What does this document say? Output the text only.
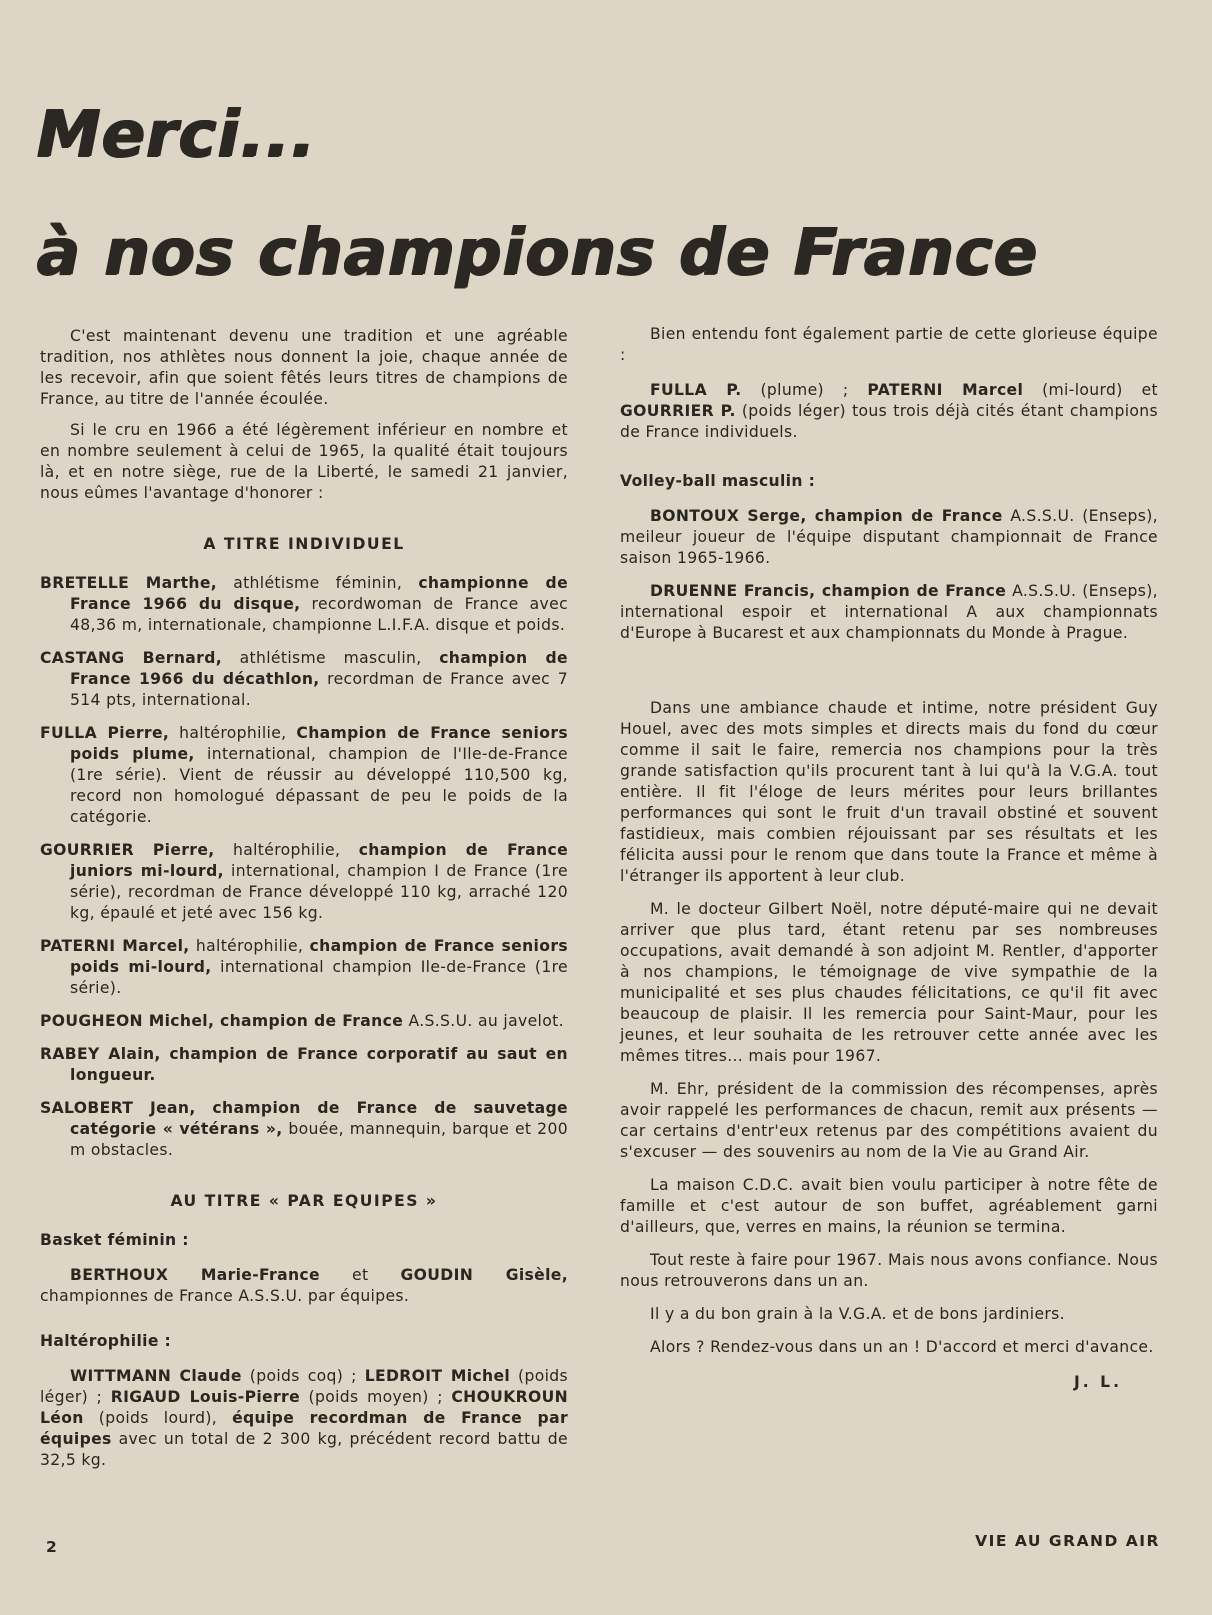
Merci...
à nos champions de France

C'est maintenant devenu une tradition et une agréable tradition, nos athlètes nous donnent la joie, chaque année de les recevoir, afin que soient fêtés leurs titres de champions de France, au titre de l'année écoulée.

Si le cru en 1966 a été légèrement inférieur en nombre et en nombre seulement à celui de 1965, la qualité était toujours là, et en notre siège, rue de la Liberté, le samedi 21 janvier, nous eûmes l'avantage d'honorer :

A TITRE INDIVIDUEL

BRETELLE Marthe, athlétisme féminin, championne de France 1966 du disque, recordwoman de France avec 48,36 m, internationale, championne L.I.F.A. disque et poids.

CASTANG Bernard, athlétisme masculin, champion de France 1966 du décathlon, recordman de France avec 7 514 pts, international.

FULLA Pierre, haltérophilie, Champion de France seniors poids plume, international, champion de l'Ile-de-France (1re série). Vient de réussir au développé 110,500 kg, record non homologué dépassant de peu le poids de la catégorie.

GOURRIER Pierre, haltérophilie, champion de France juniors mi-lourd, international, champion I de France (1re série), recordman de France développé 110 kg, arraché 120 kg, épaulé et jeté avec 156 kg.

PATERNI Marcel, haltérophilie, champion de France seniors poids mi-lourd, international champion Ile-de-France (1re série).

POUGHEON Michel, champion de France A.S.S.U. au javelot.

RABEY Alain, champion de France corporatif au saut en longueur.

SALOBERT Jean, champion de France de sauvetage catégorie « vétérans », bouée, mannequin, barque et 200 m obstacles.

AU TITRE « PAR EQUIPES »

Basket féminin :

BERTHOUX Marie-France et GOUDIN Gisèle, championnes de France A.S.S.U. par équipes.

Haltérophilie :

WITTMANN Claude (poids coq) ; LEDROIT Michel (poids léger) ; RIGAUD Louis-Pierre (poids moyen) ; CHOUKROUN Léon (poids lourd), équipe recordman de France par équipes avec un total de 2 300 kg, précédent record battu de 32,5 kg.

Bien entendu font également partie de cette glorieuse équipe :

FULLA P. (plume) ; PATERNI Marcel (mi-lourd) et GOURRIER P. (poids léger) tous trois déjà cités étant champions de France individuels.

Volley-ball masculin :

BONTOUX Serge, champion de France A.S.S.U. (Enseps), meileur joueur de l'équipe disputant championnait de France saison 1965-1966.

DRUENNE Francis, champion de France A.S.S.U. (Enseps), international espoir et international A aux championnats d'Europe à Bucarest et aux championnats du Monde à Prague.

Dans une ambiance chaude et intime, notre président Guy Houel, avec des mots simples et directs mais du fond du cœur comme il sait le faire, remercia nos champions pour la très grande satisfaction qu'ils procurent tant à lui qu'à la V.G.A. tout entière. Il fit l'éloge de leurs mérites pour leurs brillantes performances qui sont le fruit d'un travail obstiné et souvent fastidieux, mais combien réjouissant par ses résultats et les félicita aussi pour le renom que dans toute la France et même à l'étranger ils apportent à leur club.

M. le docteur Gilbert Noël, notre député-maire qui ne devait arriver que plus tard, étant retenu par ses nombreuses occupations, avait demandé à son adjoint M. Rentler, d'apporter à nos champions, le témoignage de vive sympathie de la municipalité et ses plus chaudes félicitations, ce qu'il fit avec beaucoup de plaisir. Il les remercia pour Saint-Maur, pour les jeunes, et leur souhaita de les retrouver cette année avec les mêmes titres... mais pour 1967.

M. Ehr, président de la commission des récompenses, après avoir rappelé les performances de chacun, remit aux présents — car certains d'entr'eux retenus par des compétitions avaient du s'excuser — des souvenirs au nom de la Vie au Grand Air.

La maison C.D.C. avait bien voulu participer à notre fête de famille et c'est autour de son buffet, agréablement garni d'ailleurs, que, verres en mains, la réunion se termina.

Tout reste à faire pour 1967. Mais nous avons confiance. Nous nous retrouverons dans un an.

Il y a du bon grain à la V.G.A. et de bons jardiniers.

Alors ? Rendez-vous dans un an ! D'accord et merci d'avance.

J. L.

2	VIE AU GRAND AIR
